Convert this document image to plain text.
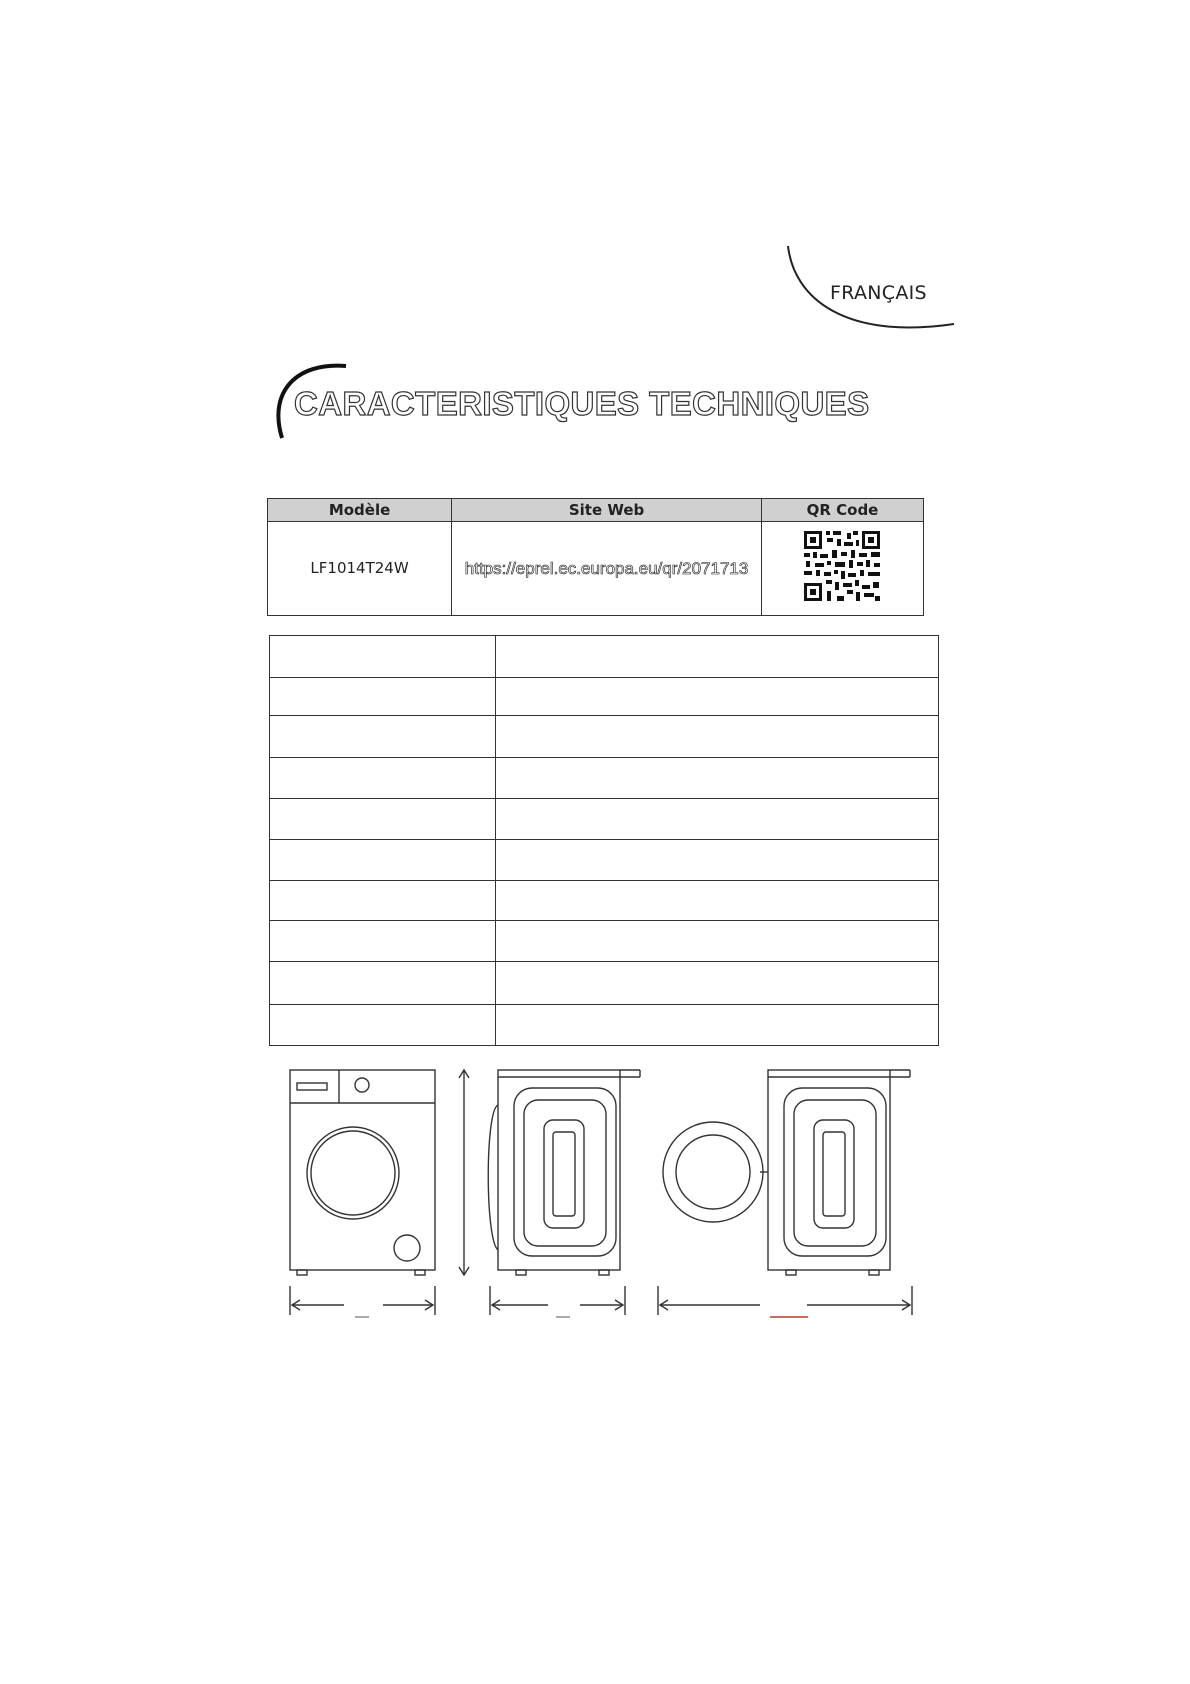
FRANÇAIS
CARACTERISTIQUES TECHNIQUES
Modèle	Site Web	QR Code
LF1014T24W	https://eprel.ec.europa.eu/qr/2071713	
